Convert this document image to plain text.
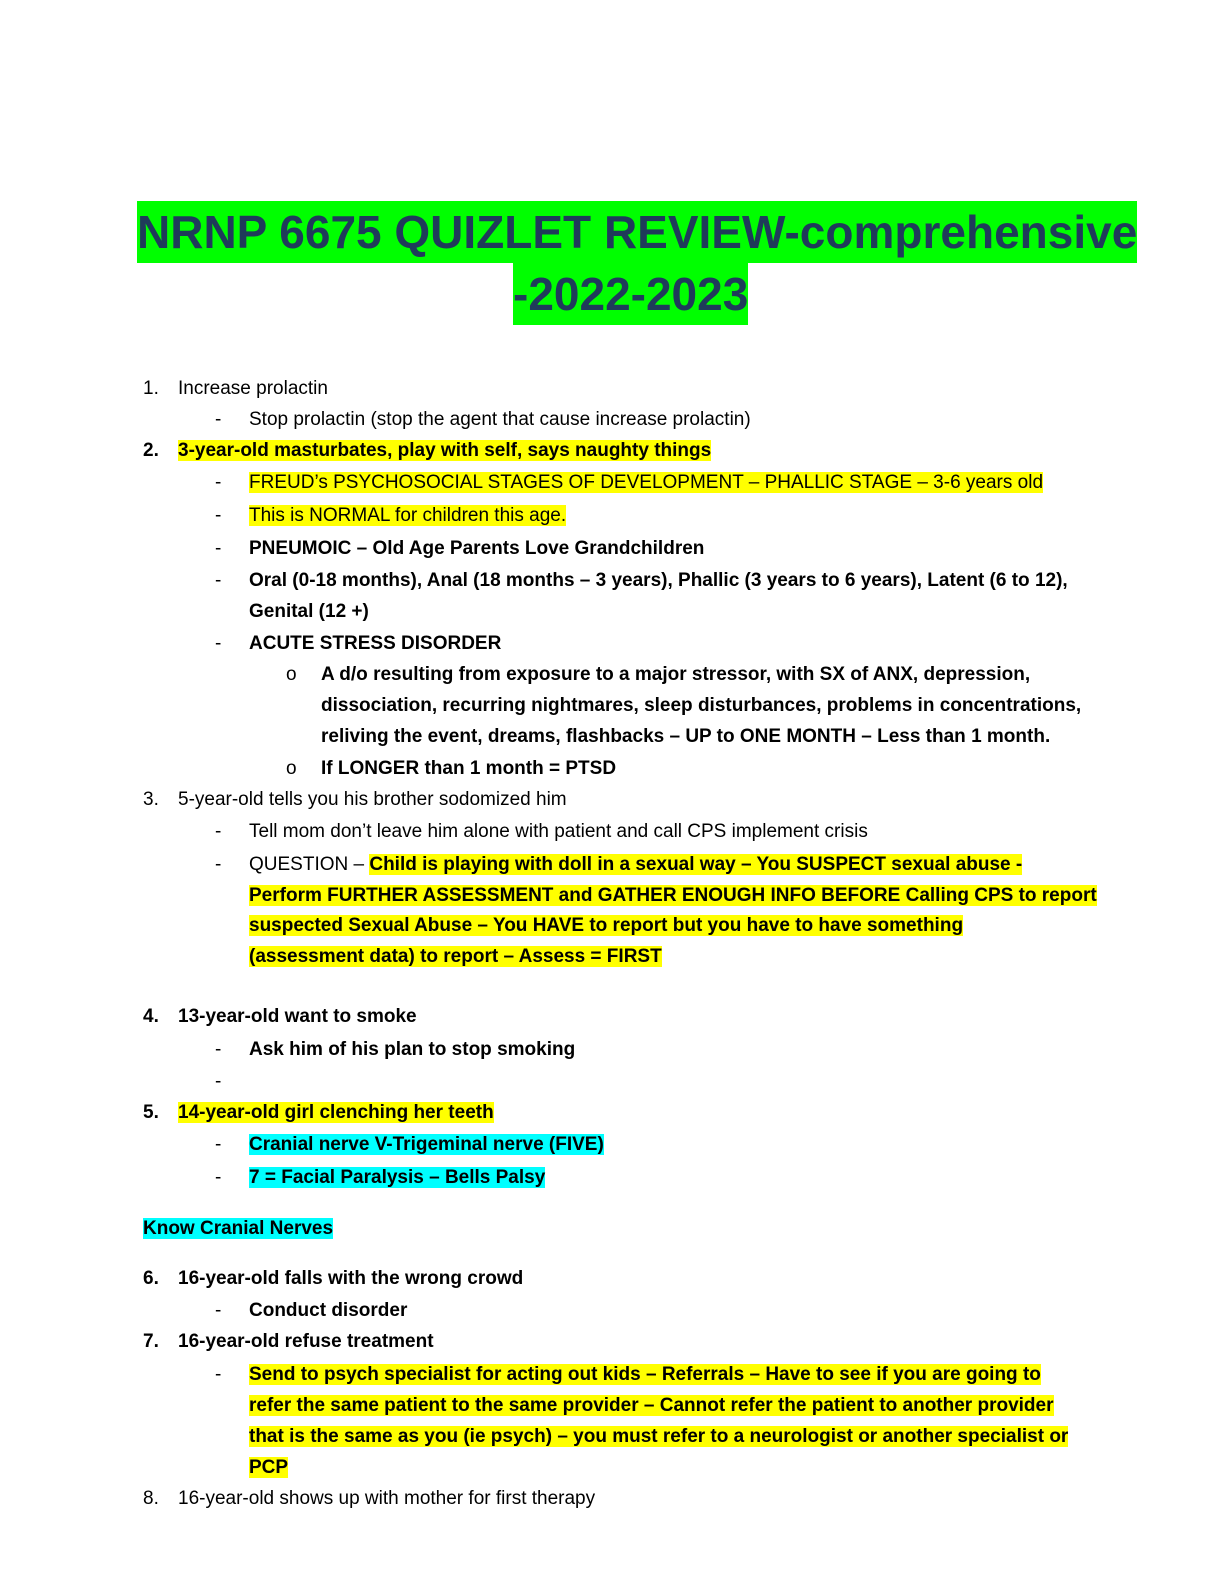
NRNP 6675 QUIZLET REVIEW-comprehensive
-2022-2023
1. Increase prolactin
- Stop prolactin (stop the agent that cause increase prolactin)
2. 3-year-old masturbates, play with self, says naughty things
- FREUD’s PSYCHOSOCIAL STAGES OF DEVELOPMENT – PHALLIC STAGE – 3-6 years old
- This is NORMAL for children this age.
- PNEUMOIC – Old Age Parents Love Grandchildren
- Oral (0-18 months), Anal (18 months – 3 years), Phallic (3 years to 6 years), Latent (6 to 12),
Genital (12 +)
- ACUTE STRESS DISORDER
o A d/o resulting from exposure to a major stressor, with SX of ANX, depression,
dissociation, recurring nightmares, sleep disturbances, problems in concentrations,
reliving the event, dreams, flashbacks – UP to ONE MONTH – Less than 1 month.
o If LONGER than 1 month = PTSD
3. 5-year-old tells you his brother sodomized him
- Tell mom don’t leave him alone with patient and call CPS implement crisis
- QUESTION – Child is playing with doll in a sexual way – You SUSPECT sexual abuse -
Perform FURTHER ASSESSMENT and GATHER ENOUGH INFO BEFORE Calling CPS to report
suspected Sexual Abuse – You HAVE to report but you have to have something
(assessment data) to report – Assess = FIRST
4. 13-year-old want to smoke
- Ask him of his plan to stop smoking
-
5. 14-year-old girl clenching her teeth
- Cranial nerve V-Trigeminal nerve (FIVE)
- 7 = Facial Paralysis – Bells Palsy
Know Cranial Nerves
6. 16-year-old falls with the wrong crowd
- Conduct disorder
7. 16-year-old refuse treatment
- Send to psych specialist for acting out kids – Referrals – Have to see if you are going to
refer the same patient to the same provider – Cannot refer the patient to another provider
that is the same as you (ie psych) – you must refer to a neurologist or another specialist or
PCP
8. 16-year-old shows up with mother for first therapy
